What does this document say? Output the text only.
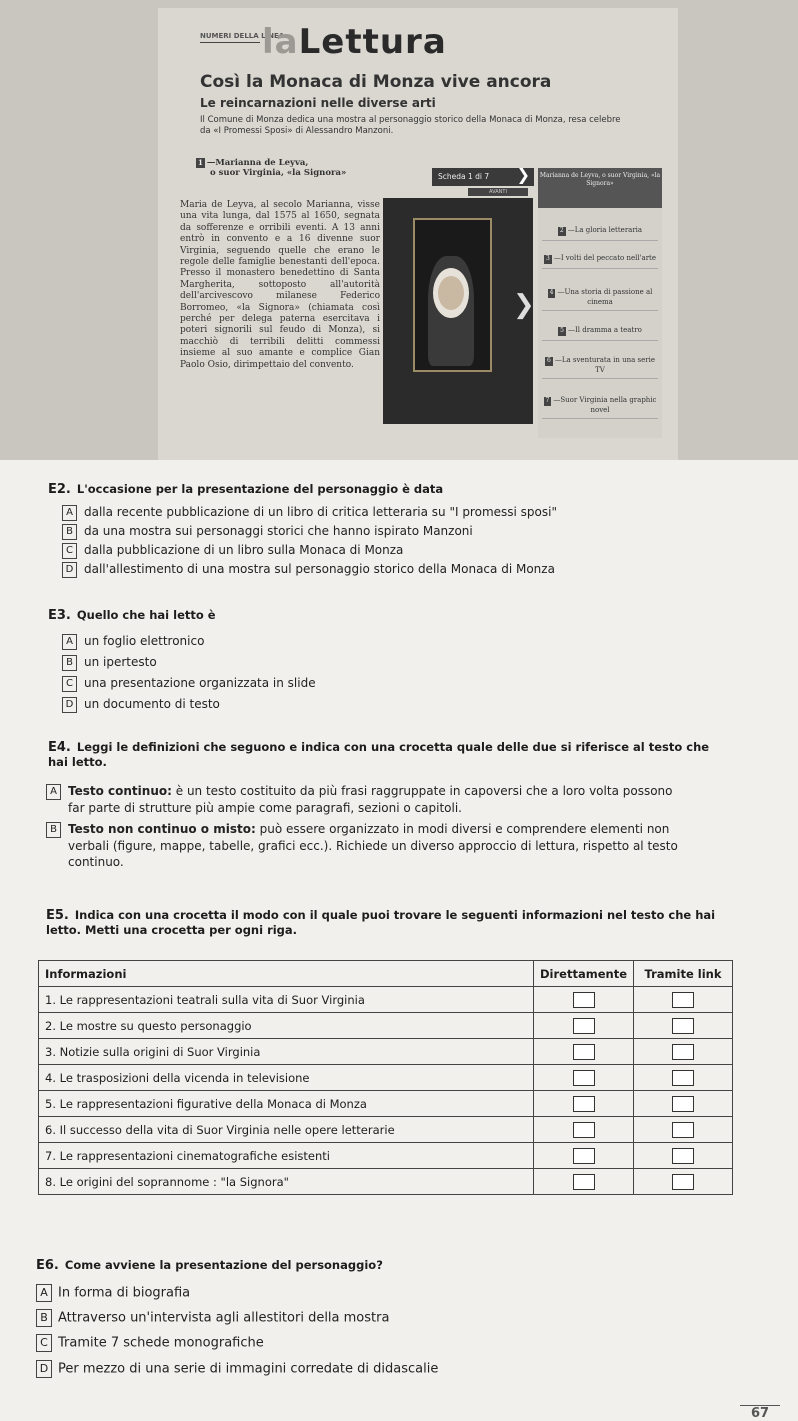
NUMERI DELLA LINEA
laLettura
Così la Monaca di Monza vive ancora
Le reincarnazioni nelle diverse arti
Il Comune di Monza dedica una mostra al personaggio storico della Monaca di Monza, resa celebre da «I Promessi Sposi» di Alessandro Manzoni.
1 —Marianna de Leyva,
o suor Virginia, «la Signora»
Maria de Leyva, al secolo Marianna, visse una vita lunga, dal 1575 al 1650, segnata da sofferenze e orribili eventi. A 13 anni entrò in convento e a 16 divenne suor Virginia, seguendo quelle che erano le regole delle famiglie benestanti dell'epoca. Presso il monastero benedettino di Santa Margherita, sottoposto all'autorità dell'arcivescovo milanese Federico Borromeo, «la Signora» (chiamata così perché per delega paterna esercitava i poteri signorili sul feudo di Monza), si macchiò di terribili delitti commessi insieme al suo amante e complice Gian Paolo Osio, dirimpettaio del convento.
❯
Scheda 1 di 7 ❯
AVANTI
Marianna de Leyva, o suor Virginia, «la Signora»
2 —La gloria letteraria
3 —I volti del peccato nell'arte
4 —Una storia di passione al cinema
5 —Il dramma a teatro
6 —La sventurata in una serie TV
7 —Suor Virginia nella graphic novel
E2. L'occasione per la presentazione del personaggio è data
A dalla recente pubblicazione di un libro di critica letteraria su "I promessi sposi"
B da una mostra sui personaggi storici che hanno ispirato Manzoni
C dalla pubblicazione di un libro sulla Monaca di Monza
D dall'allestimento di una mostra sul personaggio storico della Monaca di Monza
E3. Quello che hai letto è
A un foglio elettronico
B un ipertesto
C una presentazione organizzata in slide
D un documento di testo
E4. Leggi le definizioni che seguono e indica con una crocetta quale delle due si riferisce al testo che hai letto.
A Testo continuo: è un testo costituito da più frasi raggruppate in capoversi che a loro volta possono
far parte di strutture più ampie come paragrafi, sezioni o capitoli.
B Testo non continuo o misto: può essere organizzato in modi diversi e comprendere elementi non
verbali (figure, mappe, tabelle, grafici ecc.). Richiede un diverso approccio di lettura, rispetto al testo continuo.
E5. Indica con una crocetta il modo con il quale puoi trovare le seguenti informazioni nel testo che hai letto. Metti una crocetta per ogni riga.
Informazioni	Direttamente	Tramite link
1. Le rappresentazioni teatrali sulla vita di Suor Virginia		
2. Le mostre su questo personaggio		
3. Notizie sulla origini di Suor Virginia		
4. Le trasposizioni della vicenda in televisione		
5. Le rappresentazioni figurative della Monaca di Monza		
6. Il successo della vita di Suor Virginia nelle opere letterarie		
7. Le rappresentazioni cinematografiche esistenti		
8. Le origini del soprannome : "la Signora"		
E6. Come avviene la presentazione del personaggio?
A In forma di biografia
B Attraverso un'intervista agli allestitori della mostra
C Tramite 7 schede monografiche
D Per mezzo di una serie di immagini corredate di didascalie
67
